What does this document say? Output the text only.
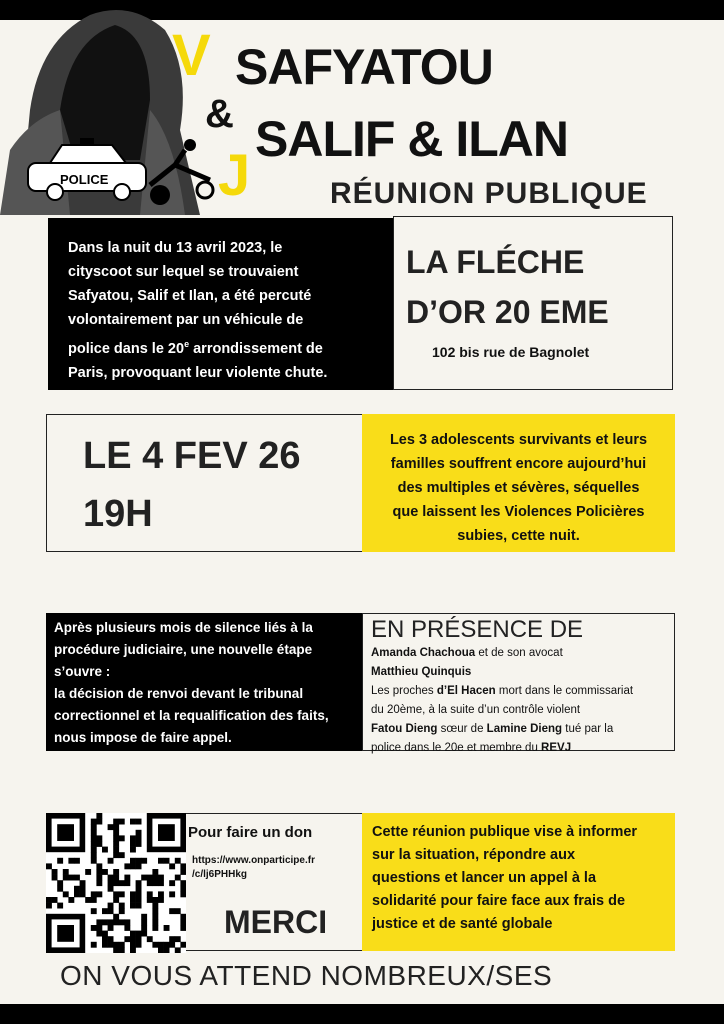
POLICE
V
J
SAFYATOU
& SALIF & ILAN
RÉUNION PUBLIQUE
Dans la nuit du 13 avril 2023, le
cityscoot sur lequel se trouvaient
Safyatou, Salif et Ilan, a été percuté
volontairement par un véhicule de
police dans le 20e arrondissement de
Paris, provoquant leur violente chute.
LA FLÉCHE
D’OR 20 EME
102 bis rue de Bagnolet
LE 4 FEV 26
19H
Les 3 adolescents survivants et leurs
familles souffrent encore aujourd’hui
des multiples et sévères, séquelles
que laissent les Violences Policières
subies, cette nuit.
Après plusieurs mois de silence liés à la
procédure judiciaire, une nouvelle étape
s’ouvre :
la décision de renvoi devant le tribunal
correctionnel et la requalification des faits,
nous impose de faire appel.
EN PRÉSENCE DE
Amanda Chachoua et de son avocat
Matthieu Quinquis
Les proches d’El Hacen mort dans le commissariat
du 20ème, à la suite d’un contrôle violent
Fatou Dieng sœur de Lamine Dieng tué par la
police dans le 20e et membre du REVJ
Pour faire un don
https://www.onparticipe.fr
/c/lj6PHHkg
MERCI
Cette réunion publique vise à informer
sur la situation, répondre aux
questions et lancer un appel à la
solidarité pour faire face aux frais de
justice et de santé globale
ON VOUS ATTEND NOMBREUX/SES
